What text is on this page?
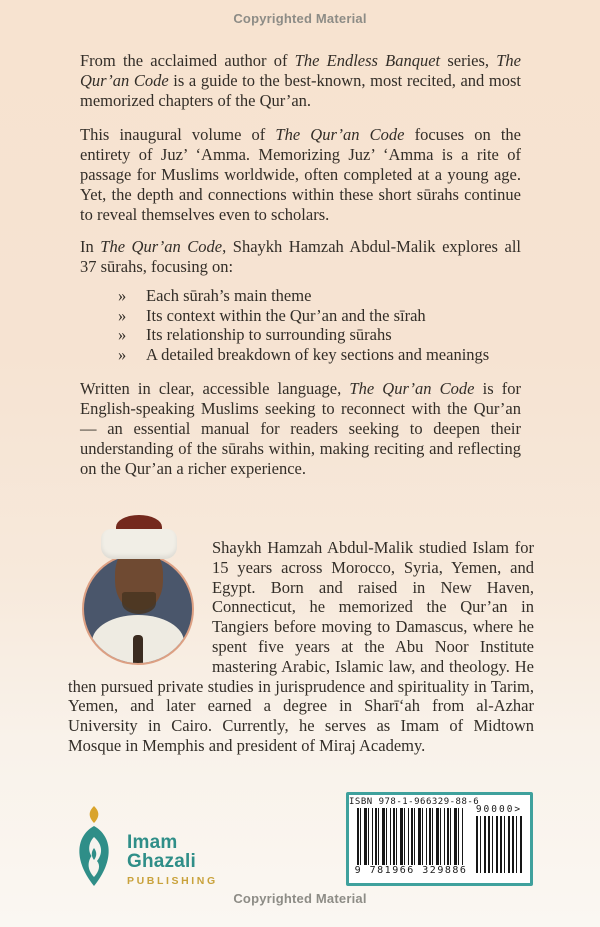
Copyrighted Material

From the acclaimed author of The Endless Banquet series, The Qur’an Code is a guide to the best-known, most recited, and most memorized chapters of the Qur’an.

This inaugural volume of The Qur’an Code focuses on the entirety of Juz’ ‘Amma. Memorizing Juz’ ‘Amma is a rite of passage for Muslims worldwide, often completed at a young age. Yet, the depth and connections within these short sūrahs continue to reveal themselves even to scholars.

In The Qur’an Code, Shaykh Hamzah Abdul-Malik explores all 37 sūrahs, focusing on:

»	Each sūrah’s main theme
»	Its context within the Qur’an and the sīrah
»	Its relationship to surrounding sūrahs
»	A detailed breakdown of key sections and meanings

Written in clear, accessible language, The Qur’an Code is for English-speaking Muslims seeking to reconnect with the Qur’an — an essential manual for readers seeking to deepen their understanding of the sūrahs within, making reciting and reflecting on the Qur’an a richer experience.

Shaykh Hamzah Abdul-Malik studied Islam for 15 years across Morocco, Syria, Yemen, and Egypt. Born and raised in New Haven, Connecticut, he memorized the Qur’an in Tangiers before moving to Damascus, where he spent five years at the Abu Noor Institute mastering Arabic, Islamic law, and theology. He then pursued private studies in jurisprudence and spirituality in Tarim, Yemen, and later earned a degree in Sharī‘ah from al-Azhar University in Cairo. Currently, he serves as Imam of Midtown Mosque in Memphis and president of Miraj Academy.
Imam
Ghazali
PUBLISHING
ISBN 978-1-966329-88-6
9 781966 329886
90000>
Copyrighted Material
